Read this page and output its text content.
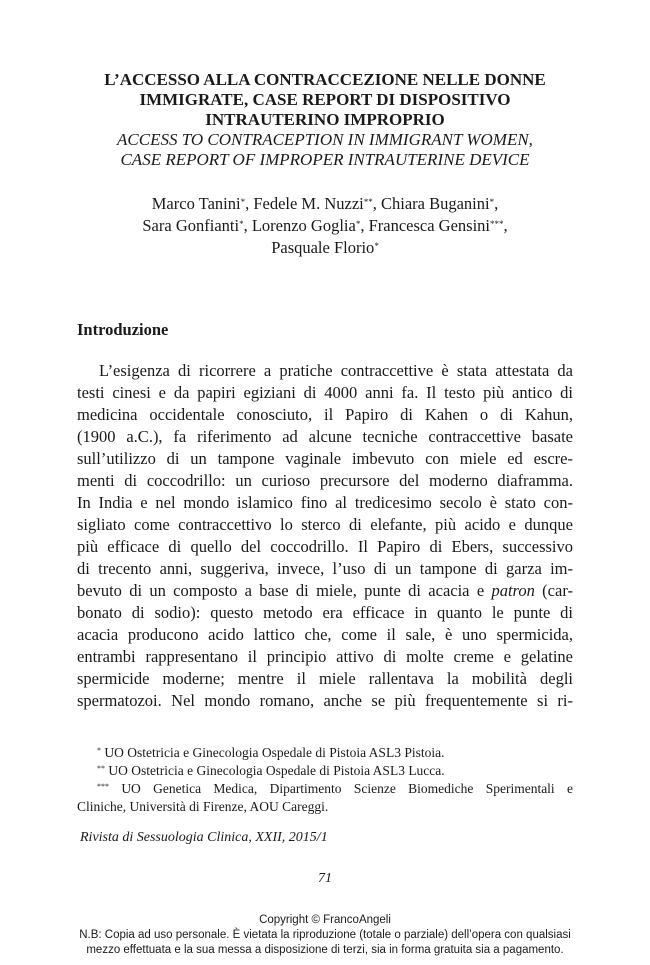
L’ACCESSO ALLA CONTRACCEZIONE NELLE DONNE
IMMIGRATE, CASE REPORT DI DISPOSITIVO
INTRAUTERINO IMPROPRIO
ACCESS TO CONTRACEPTION IN IMMIGRANT WOMEN,
CASE REPORT OF IMPROPER INTRAUTERINE DEVICE
Marco Tanini*, Fedele M. Nuzzi**, Chiara Buganini*,
Sara Gonfianti*, Lorenzo Goglia*, Francesca Gensini***,
Pasquale Florio*
Introduzione
L’esigenza di ricorrere a pratiche contraccettive è stata attestata da
testi cinesi e da papiri egiziani di 4000 anni fa. Il testo più antico di
medicina occidentale conosciuto, il Papiro di Kahen o di Kahun,
(1900 a.C.), fa riferimento ad alcune tecniche contraccettive basate
sull’utilizzo di un tampone vaginale imbevuto con miele ed escre-
menti di coccodrillo: un curioso precursore del moderno diaframma.
In India e nel mondo islamico fino al tredicesimo secolo è stato con-
sigliato come contraccettivo lo sterco di elefante, più acido e dunque
più efficace di quello del coccodrillo. Il Papiro di Ebers, successivo
di trecento anni, suggeriva, invece, l’uso di un tampone di garza im-
bevuto di un composto a base di miele, punte di acacia e patron (car-
bonato di sodio): questo metodo era efficace in quanto le punte di
acacia producono acido lattico che, come il sale, è uno spermicida,
entrambi rappresentano il principio attivo di molte creme e gelatine
spermicide moderne; mentre il miele rallentava la mobilità degli
spermatozoi. Nel mondo romano, anche se più frequentemente si ri-
* UO Ostetricia e Ginecologia Ospedale di Pistoia ASL3 Pistoia.
** UO Ostetricia e Ginecologia Ospedale di Pistoia ASL3 Lucca.
*** UO Genetica Medica, Dipartimento Scienze Biomediche Sperimentali e
Cliniche, Università di Firenze, AOU Careggi.
Rivista di Sessuologia Clinica, XXII, 2015/1
71
Copyright © FrancoAngeli
N.B: Copia ad uso personale. È vietata la riproduzione (totale o parziale) dell’opera con qualsiasi
mezzo effettuata e la sua messa a disposizione di terzi, sia in forma gratuita sia a pagamento.
